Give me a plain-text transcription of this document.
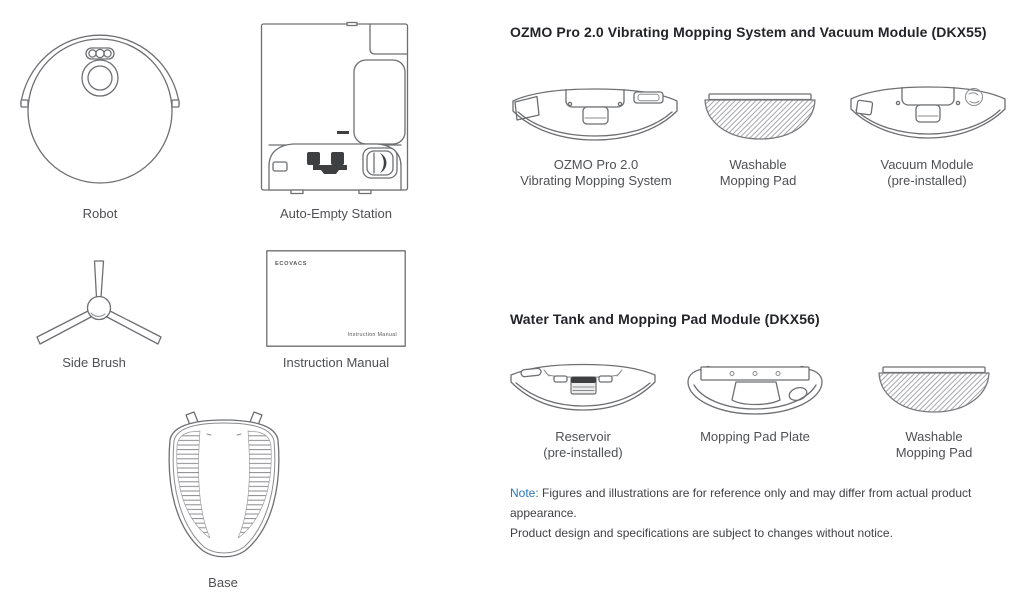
Robot	Auto-Empty Station
Side Brush
ECOVACS
Instruction Manual
Instruction Manual
Base
OZMO Pro 2.0 Vibrating Mopping System and Vacuum Module (DKX55)
OZMO Pro 2.0
Vibrating Mopping System
Washable
Mopping Pad
Vacuum Module
(pre-installed)
Water Tank and Mopping Pad Module (DKX56)
Reservoir
(pre-installed)
Mopping Pad Plate	Washable
Mopping Pad
Note: Figures and illustrations are for reference only and may differ from actual product appearance.
Product design and specifications are subject to changes without notice.
